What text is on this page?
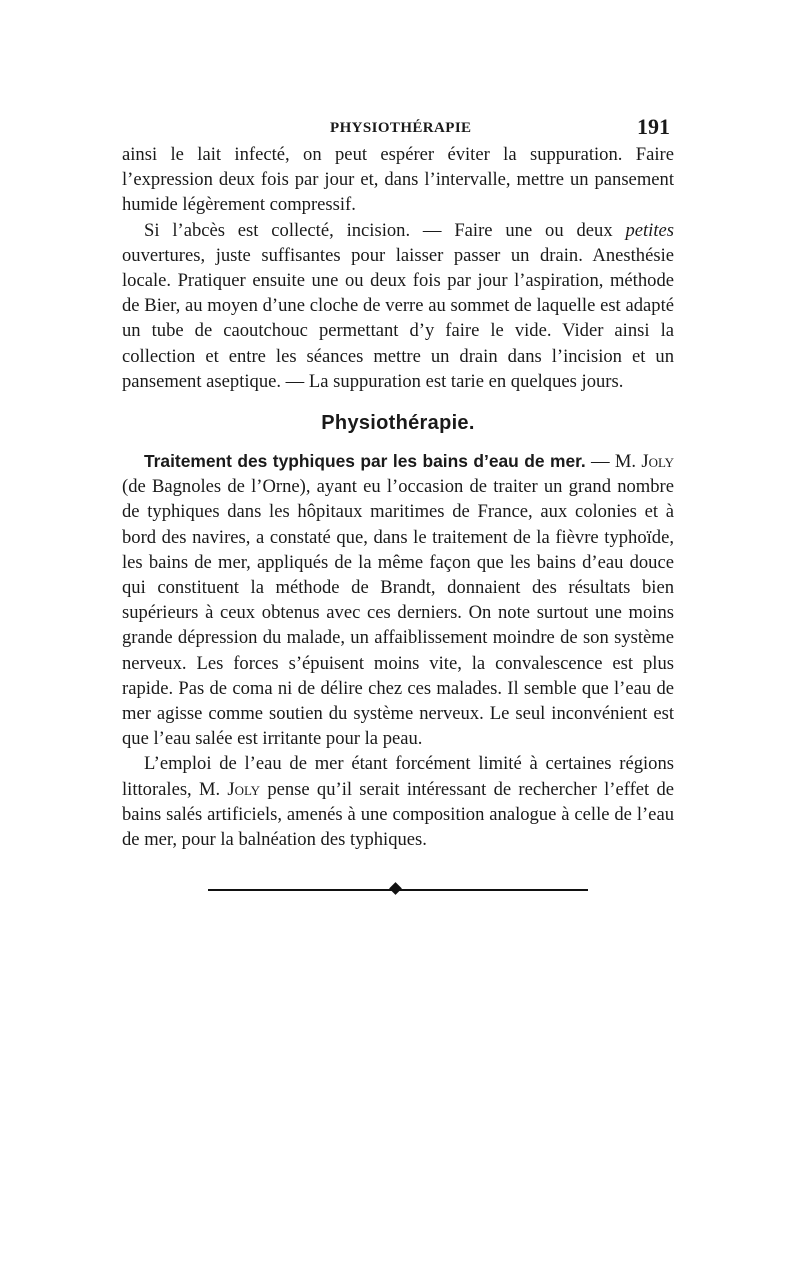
PHYSIOTHÉRAPIE	191

ainsi le lait infecté, on peut espérer éviter la suppuration. Faire l’expression deux fois par jour et, dans l’intervalle, mettre un pansement humide légèrement compressif.

Si l’abcès est collecté, incision. — Faire une ou deux petites ouvertures, juste suffisantes pour laisser passer un drain. Anesthésie locale. Pratiquer ensuite une ou deux fois par jour l’aspiration, méthode de Bier, au moyen d’une cloche de verre au sommet de laquelle est adapté un tube de caoutchouc permettant d’y faire le vide. Vider ainsi la collection et entre les séances mettre un drain dans l’incision et un pansement aseptique. — La suppuration est tarie en quelques jours.

Physiothérapie.

Traitement des typhiques par les bains d’eau de mer. — M. Joly (de Bagnoles de l’Orne), ayant eu l’occasion de traiter un grand nombre de typhiques dans les hôpitaux maritimes de France, aux colonies et à bord des navires, a constaté que, dans le traitement de la fièvre typhoïde, les bains de mer, appliqués de la même façon que les bains d’eau douce qui constituent la méthode de Brandt, donnaient des résultats bien supérieurs à ceux obtenus avec ces derniers. On note surtout une moins grande dépression du malade, un affaiblissement moindre de son système nerveux. Les forces s’épuisent moins vite, la convalescence est plus rapide. Pas de coma ni de délire chez ces malades. Il semble que l’eau de mer agisse comme soutien du système nerveux. Le seul inconvénient est que l’eau salée est irritante pour la peau.

L’emploi de l’eau de mer étant forcément limité à certaines régions littorales, M. Joly pense qu’il serait intéressant de rechercher l’effet de bains salés artificiels, amenés à une composition analogue à celle de l’eau de mer, pour la balnéation des typhiques.
